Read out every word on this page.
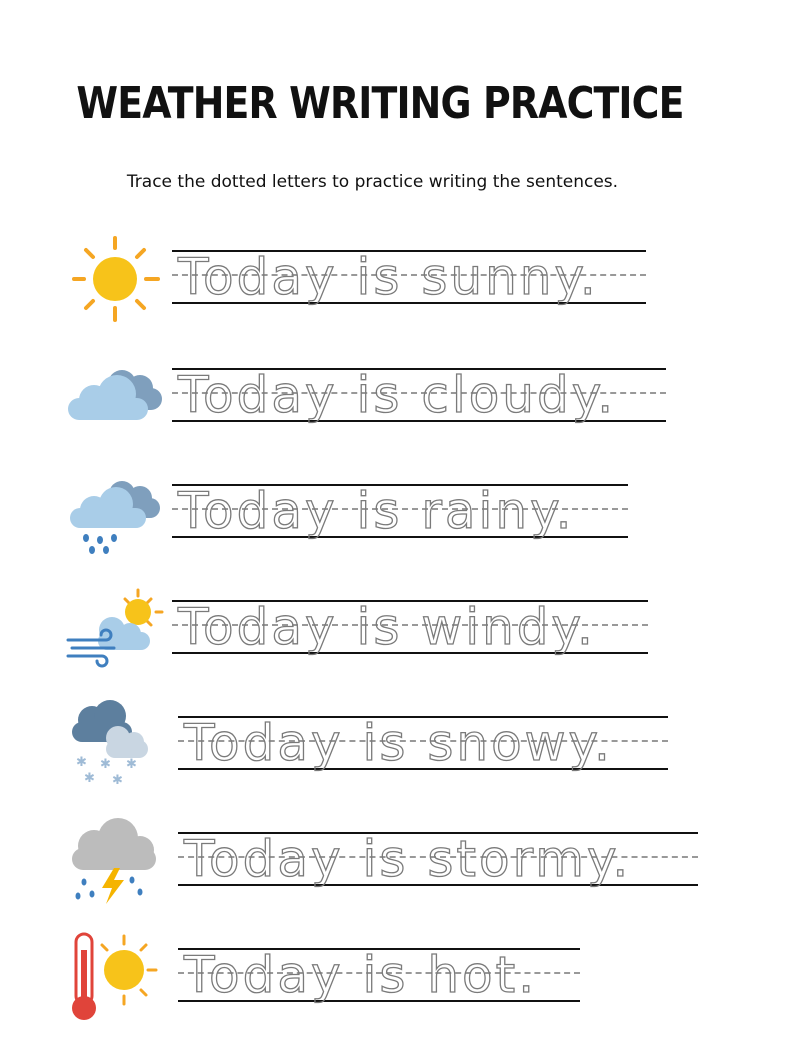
WEATHER WRITING PRACTICE
Trace the dotted letters to practice writing the sentences.
Today is sunny.
Today is cloudy.
Today is rainy.
Today is windy.
✱ ✱ ✱
✱ ✱
Today is snowy.
Today is stormy.
Today is hot.
